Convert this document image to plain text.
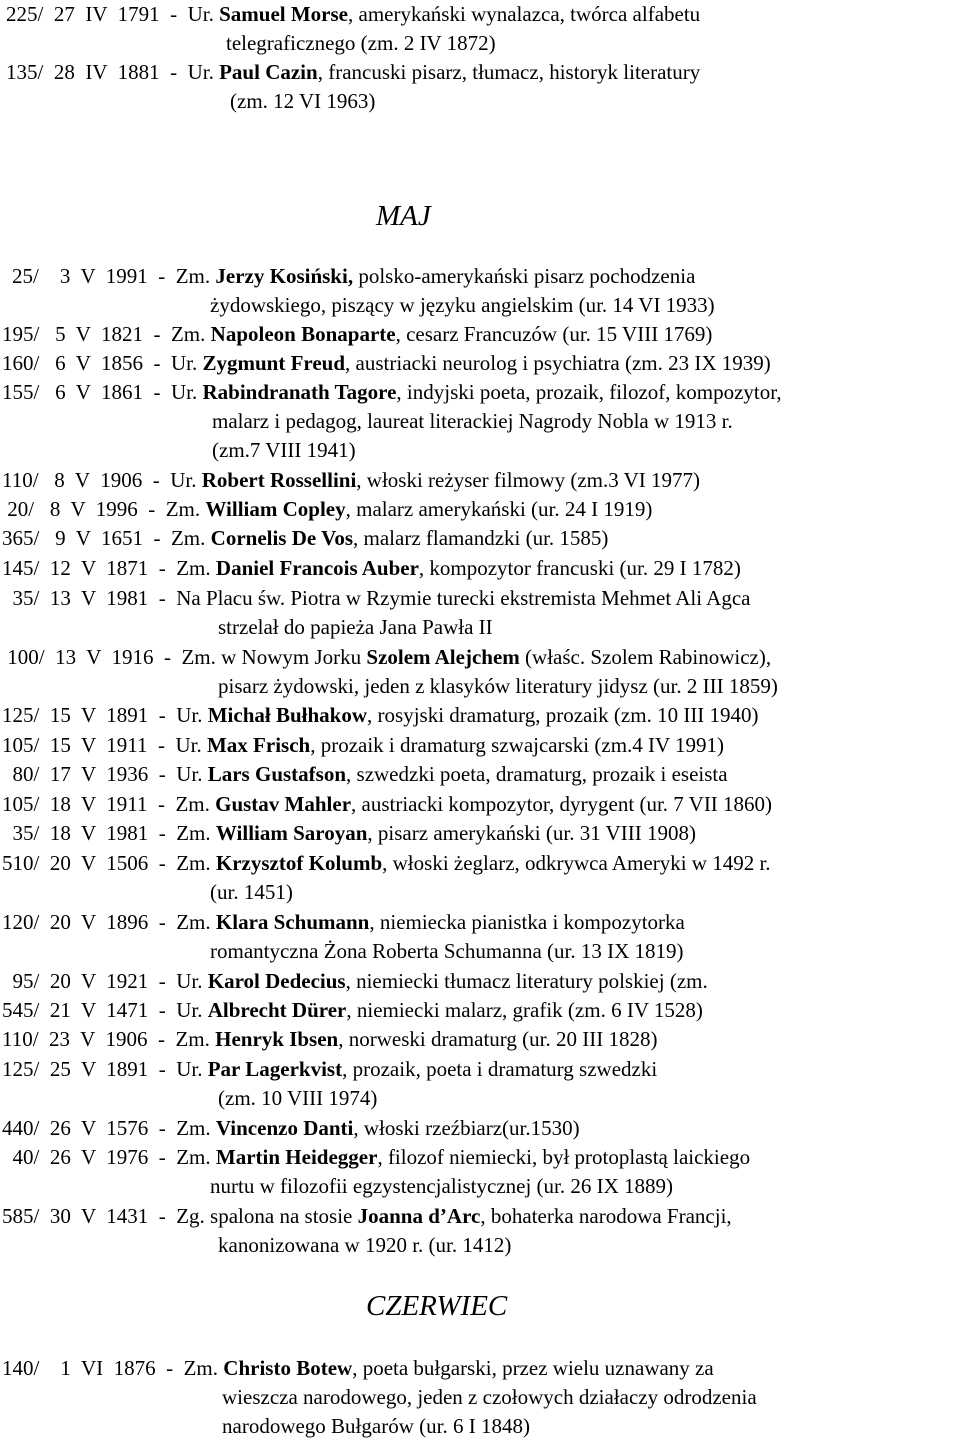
225/  27  IV  1791  -  Ur. Samuel Morse, amerykański wynalazca, twórca alfabetu
telegraficznego (zm. 2 IV 1872)
135/  28  IV  1881  -  Ur. Paul Cazin, francuski pisarz, tłumacz, historyk literatury
(zm. 12 VI 1963)
MAJ
25/    3  V  1991  -  Zm. Jerzy Kosiński, polsko-amerykański pisarz pochodzenia
żydowskiego, piszący w języku angielskim (ur. 14 VI 1933)
195/   5  V  1821  -  Zm. Napoleon Bonaparte, cesarz Francuzów (ur. 15 VIII 1769)
160/   6  V  1856  -  Ur. Zygmunt Freud, austriacki neurolog i psychiatra (zm. 23 IX 1939)
155/   6  V  1861  -  Ur. Rabindranath Tagore, indyjski poeta, prozaik, filozof, kompozytor,
malarz i pedagog, laureat literackiej Nagrody Nobla w 1913 r.
(zm.7 VIII 1941)
110/   8  V  1906  -  Ur. Robert Rossellini, włoski reżyser filmowy (zm.3 VI 1977)
20/   8  V  1996  -  Zm. William Copley, malarz amerykański (ur. 24 I 1919)
365/   9  V  1651  -  Zm. Cornelis De Vos, malarz flamandzki (ur. 1585)
145/  12  V  1871  -  Zm. Daniel Francois Auber, kompozytor francuski (ur. 29 I 1782)
35/  13  V  1981  -  Na Placu św. Piotra w Rzymie turecki ekstremista Mehmet Ali Agca
strzelał do papieża Jana Pawła II
100/  13  V  1916  -  Zm. w Nowym Jorku Szolem Alejchem (właśc. Szolem Rabinowicz),
pisarz żydowski, jeden z klasyków literatury jidysz (ur. 2 III 1859)
125/  15  V  1891  -  Ur. Michał Bułhakow, rosyjski dramaturg, prozaik (zm. 10 III 1940)
105/  15  V  1911  -  Ur. Max Frisch, prozaik i dramaturg szwajcarski (zm.4 IV 1991)
80/  17  V  1936  -  Ur. Lars Gustafson, szwedzki poeta, dramaturg, prozaik i eseista
105/  18  V  1911  -  Zm. Gustav Mahler, austriacki kompozytor, dyrygent (ur. 7 VII 1860)
35/  18  V  1981  -  Zm. William Saroyan, pisarz amerykański (ur. 31 VIII 1908)
510/  20  V  1506  -  Zm. Krzysztof Kolumb, włoski żeglarz, odkrywca Ameryki w 1492 r.
(ur. 1451)
120/  20  V  1896  -  Zm. Klara Schumann, niemiecka pianistka i kompozytorka
romantyczna Żona Roberta Schumanna (ur. 13 IX 1819)
95/  20  V  1921  -  Ur. Karol Dedecius, niemiecki tłumacz literatury polskiej (zm.
545/  21  V  1471  -  Ur. Albrecht Dürer, niemiecki malarz, grafik (zm. 6 IV 1528)
110/  23  V  1906  -  Zm. Henryk Ibsen, norweski dramaturg (ur. 20 III 1828)
125/  25  V  1891  -  Ur. Par Lagerkvist, prozaik, poeta i dramaturg szwedzki
(zm. 10 VIII 1974)
440/  26  V  1576  -  Zm. Vincenzo Danti, włoski rzeźbiarz(ur.1530)
40/  26  V  1976  -  Zm. Martin Heidegger, filozof niemiecki, był protoplastą laickiego
nurtu w filozofii egzystencjalistycznej (ur. 26 IX 1889)
585/  30  V  1431  -  Zg. spalona na stosie Joanna d’Arc, bohaterka narodowa Francji,
kanonizowana w 1920 r. (ur. 1412)
CZERWIEC
140/    1  VI  1876  -  Zm. Christo Botew, poeta bułgarski, przez wielu uznawany za
wieszcza narodowego, jeden z czołowych działaczy odrodzenia
narodowego Bułgarów (ur. 6 I 1848)
